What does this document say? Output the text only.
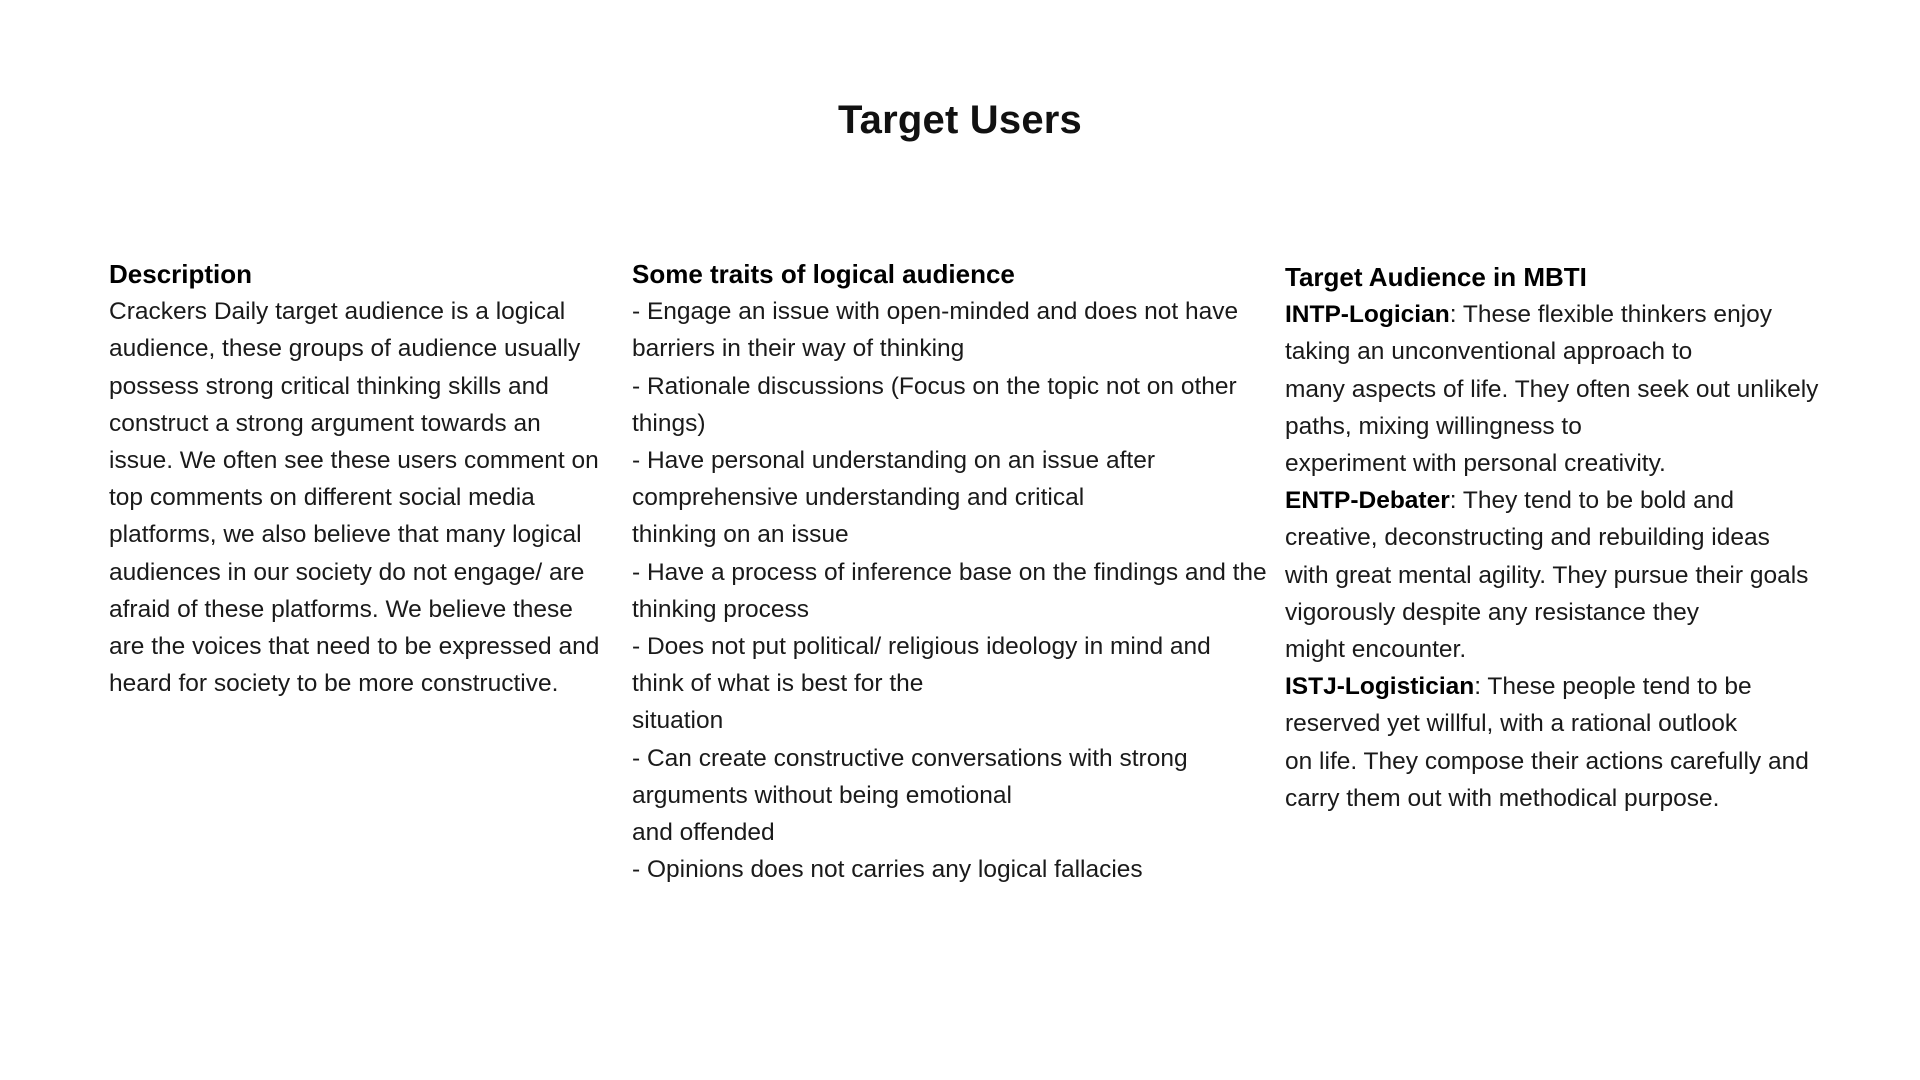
Target Users
Description
Crackers Daily target audience is a logical
audience, these groups of audience usually
possess strong critical thinking skills and
construct a strong argument towards an
issue. We often see these users comment on
top comments on different social media
platforms, we also believe that many logical
audiences in our society do not engage/ are
afraid of these platforms. We believe these
are the voices that need to be expressed and
heard for society to be more constructive.
Some traits of logical audience
- Engage an issue with open-minded and does not have
barriers in their way of thinking
- Rationale discussions (Focus on the topic not on other
things)
- Have personal understanding on an issue after
comprehensive understanding and critical
thinking on an issue
- Have a process of inference base on the findings and the
thinking process
- Does not put political/ religious ideology in mind and
think of what is best for the
situation
- Can create constructive conversations with strong
arguments without being emotional
and offended
- Opinions does not carries any logical fallacies
Target Audience in MBTI
INTP-Logician: These flexible thinkers enjoy
taking an unconventional approach to
many aspects of life. They often seek out unlikely
paths, mixing willingness to
experiment with personal creativity.
ENTP-Debater: They tend to be bold and
creative, deconstructing and rebuilding ideas
with great mental agility. They pursue their goals
vigorously despite any resistance they
might encounter.
ISTJ-Logistician: These people tend to be
reserved yet willful, with a rational outlook
on life. They compose their actions carefully and
carry them out with methodical purpose.
